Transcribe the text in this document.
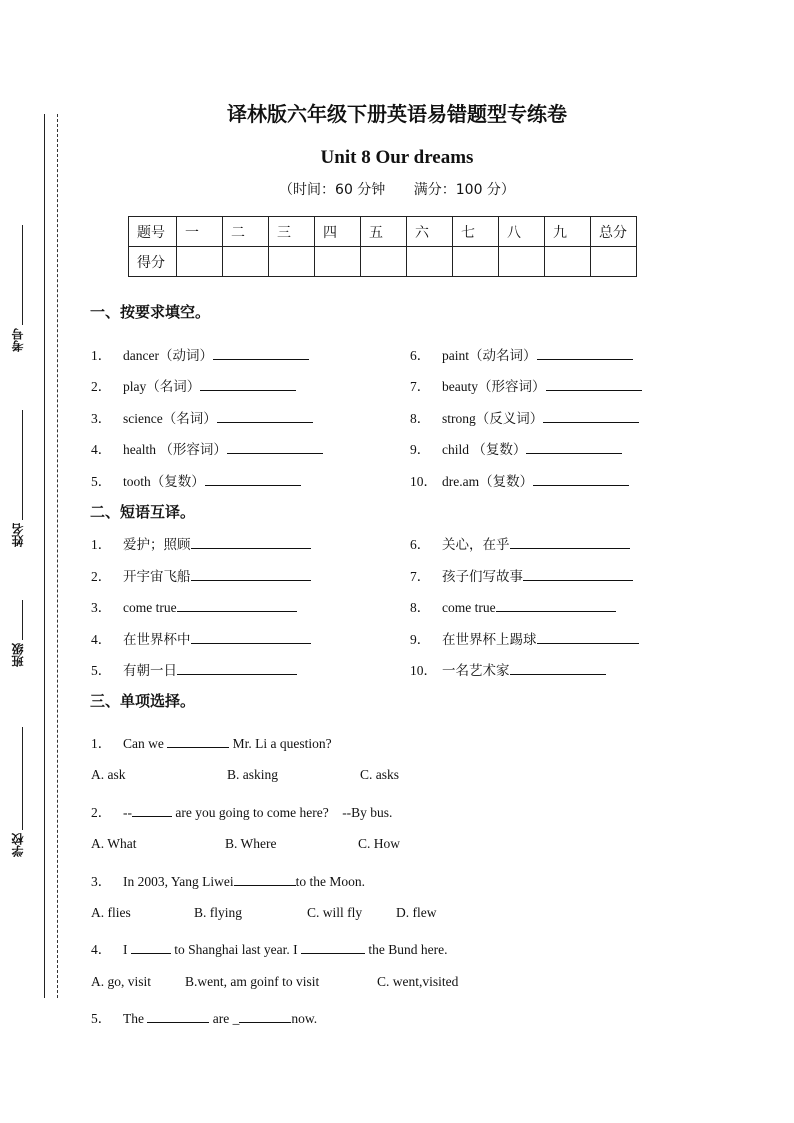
考号
姓名
班级
学校
译林版六年级下册英语易错题型专练卷
Unit 8 Our dreams
（时间：60 分钟 满分：100 分）
题号	一	二	三	四	五	六	七	八	九	总分
得分										
一、按要求填空。
1． dancer（动词）
2． play（名词）
3． science（名词）
4． health （形容词）
5． tooth（复数）
6． paint（动名词）
7． beauty（形容词）
8． strong（反义词）
9． child （复数）
10． dre.am（复数）
二、短语互译。
1． 爱护；照顾
2． 开宇宙飞船
3． come true
4． 在世界杯中
5． 有朝一日
6． 关心，在乎
7． 孩子们写故事
8． come true
9． 在世界杯上踢球
10． 一名艺术家
三、单项选择。
1． Can we	Mr. Li a question?
A. ask	B. asking	C. asks
2． --	are you going to come here? --By bus.
A. What	B. Where	C. How
3． In 2003, Yang Liwei	to the Moon.
A. flies	B. flying	C. will fly	D. flew
4． I	to Shanghai last year. I	the Bund here.
A. go, visit	B.went, am goinf to visit	C. went,visited
5． The	are _	now.
